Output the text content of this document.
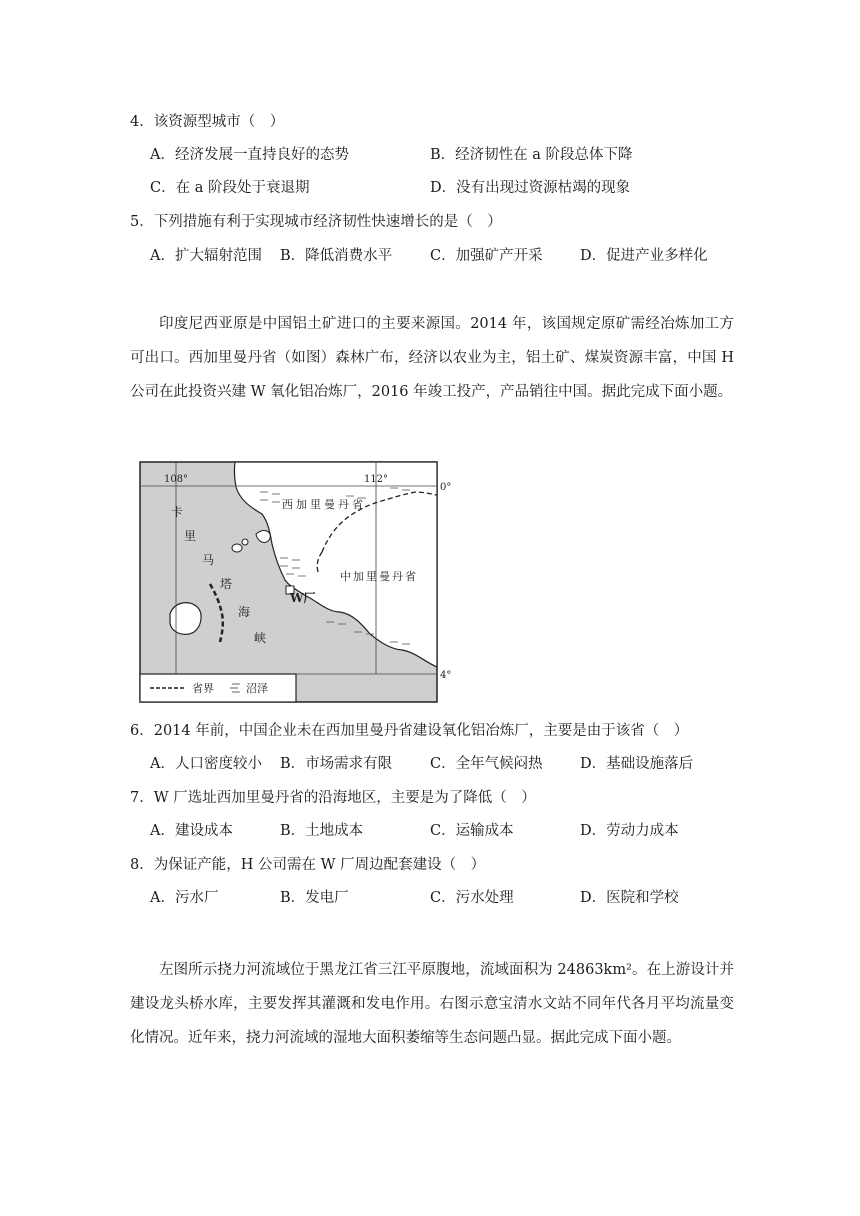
4．该资源型城市（　）
A．经济发展一直持良好的态势	B．经济韧性在 a 阶段总体下降
C．在 a 阶段处于衰退期	D．没有出现过资源枯竭的现象
5．下列措施有利于实现城市经济韧性快速增长的是（　）
A．扩大辐射范围 B．降低消费水平	C．加强矿产开采	D．促进产业多样化

印度尼西亚原是中国铝土矿进口的主要来源国。2014 年，该国规定原矿需经冶炼加工方可出口。西加里曼丹省（如图）森林广布，经济以农业为主，铝土矿、煤炭资源丰富，中国 H 公司在此投资兴建 W 氧化铝冶炼厂，2016 年竣工投产，产品销往中国。据此完成下面小题。

108°	112°
0°
4°
西加里曼丹省
中加里曼丹省
卡
里
马
塔
海
峡
W厂
省界	沼泽
6．2014 年前，中国企业未在西加里曼丹省建设氧化铝冶炼厂，主要是由于该省（　）
A．人口密度较小 B．市场需求有限	C．全年气候闷热	D．基础设施落后
7．W 厂选址西加里曼丹省的沿海地区，主要是为了降低（　）
A．建设成本	B．土地成本	C．运输成本	D．劳动力成本
8．为保证产能，H 公司需在 W 厂周边配套建设（　）
A．污水厂	B．发电厂	C．污水处理	D．医院和学校

左图所示挠力河流域位于黑龙江省三江平原腹地，流域面积为 24863km²。在上游设计并建设龙头桥水库，主要发挥其灌溉和发电作用。右图示意宝清水文站不同年代各月平均流量变化情况。近年来，挠力河流域的湿地大面积萎缩等生态问题凸显。据此完成下面小题。
